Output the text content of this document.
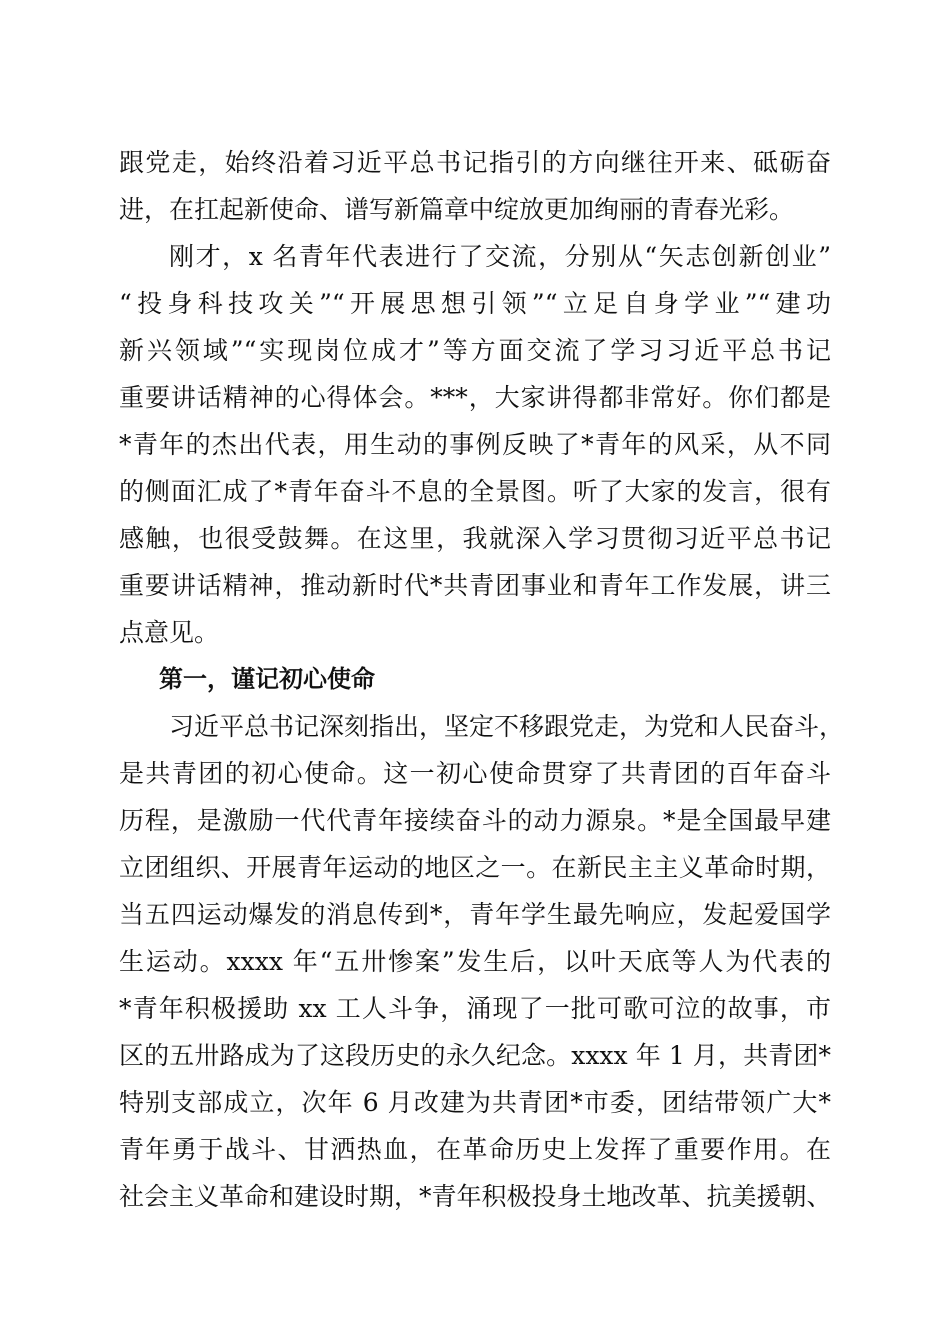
跟党走，始终沿着习近平总书记指引的方向继往开来、砥砺奋
进，在扛起新使命、谱写新篇章中绽放更加绚丽的青春光彩。
刚才，x 名青年代表进行了交流，分别从“矢志创新创业”
“投身科技攻关”“开展思想引领”“立足自身学业”“建功
新兴领域”“实现岗位成才”等方面交流了学习习近平总书记
重要讲话精神的心得体会。***，大家讲得都非常好。你们都是
*青年的杰出代表，用生动的事例反映了*青年的风采，从不同
的侧面汇成了*青年奋斗不息的全景图。听了大家的发言，很有
感触，也很受鼓舞。在这里，我就深入学习贯彻习近平总书记
重要讲话精神，推动新时代*共青团事业和青年工作发展，讲三
点意见。
第一，谨记初心使命
习近平总书记深刻指出，坚定不移跟党走，为党和人民奋斗，
是共青团的初心使命。这一初心使命贯穿了共青团的百年奋斗
历程，是激励一代代青年接续奋斗的动力源泉。*是全国最早建
立团组织、开展青年运动的地区之一。在新民主主义革命时期，
当五四运动爆发的消息传到*，青年学生最先响应，发起爱国学
生运动。xxxx 年“五卅惨案”发生后，以叶天底等人为代表的
*青年积极援助 xx 工人斗争，涌现了一批可歌可泣的故事，市
区的五卅路成为了这段历史的永久纪念。xxxx 年 1 月，共青团*
特别支部成立，次年 6 月改建为共青团*市委，团结带领广大*
青年勇于战斗、甘洒热血，在革命历史上发挥了重要作用。在
社会主义革命和建设时期，*青年积极投身土地改革、抗美援朝、
